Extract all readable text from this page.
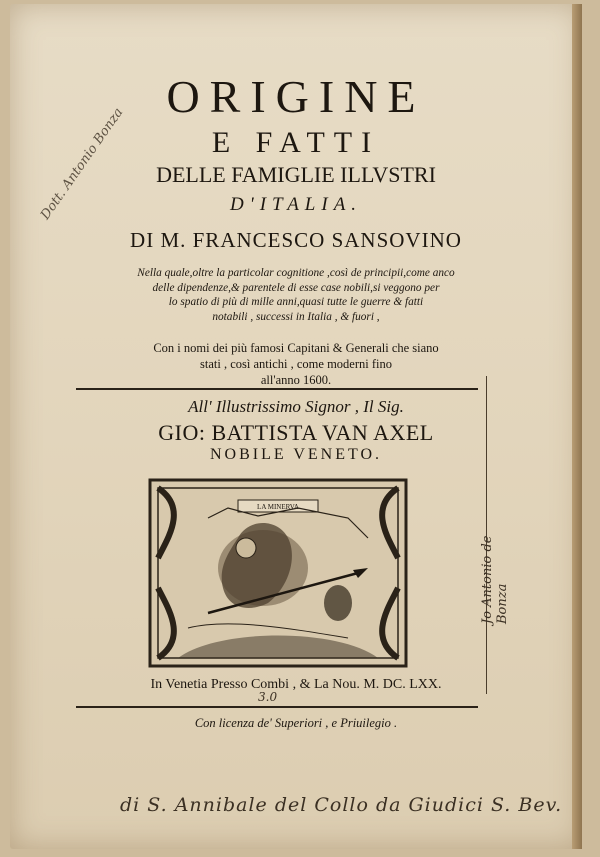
ORIGINE
E FATTI
DELLE FAMIGLIE ILLVSTRI
D'ITALIA.
DI M. FRANCESCO SANSOVINO
Nella quale,oltre la particolar cognitione ,così de principii,come anco
delle dipendenze,& parentele di esse case nobili,si veggono per
lo spatio di più di mille anni,quasi tutte le guerre & fatti
notabili , successi in Italia , & fuori ,
Con i nomi dei più famosi Capitani & Generali che siano
stati , così antichi , come moderni fino
all'anno 1600.
All' Illustrissimo Signor , Il Sig.
GIO: BATTISTA VAN AXEL
NOBILE VENETO.
LA MINERVA
In Venetia Presso Combi , & La Nou. M. DC. LXX.
Con licenza de' Superiori , e Priuilegio .
Dott. Antonio Bonza
Jo Antonio de Bonza
3.0
di S. Annibale del Collo da Giudici S. Bev.
